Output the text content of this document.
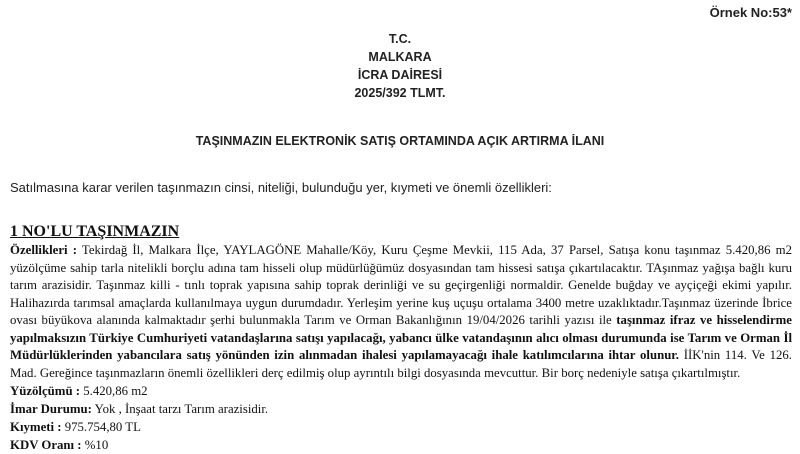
Örnek No:53*
T.C.
MALKARA
İCRA DAİRESİ
2025/392 TLMT.
TAŞINMAZIN ELEKTRONİK SATIŞ ORTAMINDA AÇIK ARTIRMA İLANI
Satılmasına karar verilen taşınmazın cinsi, niteliği, bulunduğu yer, kıymeti ve önemli özellikleri:
1 NO'LU TAŞINMAZIN

Özellikleri : Tekirdağ İl, Malkara İlçe, YAYLAGÖNE Mahalle/Köy, Kuru Çeşme Mevkii, 115 Ada, 37 Parsel, Satışa konu taşınmaz 5.420,86 m2 yüzölçüme sahip tarla nitelikli borçlu adına tam hisseli olup müdürlüğümüz dosyasından tam hissesi satışa çıkartılacaktır. TAşınmaz yağışa bağlı kuru tarım arazisidir. Taşınmaz killi - tınlı toprak yapısına sahip toprak derinliği ve su geçirgenliği normaldir. Genelde buğday ve ayçiçeği ekimi yapılır. Halihazırda tarımsal amaçlarda kullanılmaya uygun durumdadır. Yerleşim yerine kuş uçuşu ortalama 3400 metre uzaklıktadır.Taşınmaz üzerinde İbrice ovası büyükova alanında kalmaktadır şerhi bulunmakla Tarım ve Orman Bakanlığının 19/04/2026 tarihli yazısı ile taşınmaz ifraz ve hisselendirme yapılmaksızın Türkiye Cumhuriyeti vatandaşlarına satışı yapılacağı, yabancı ülke vatandaşının alıcı olması durumunda ise Tarım ve Orman İl Müdürlüklerinden yabancılara satış yönünden izin alınmadan ihalesi yapılamayacağı ihale katılımcılarına ihtar olunur. İİK'nin 114. Ve 126. Mad. Gereğince taşınmazların önemli özellikleri derç edilmiş olup ayrıntılı bilgi dosyasında mevcuttur. Bir borç nedeniyle satışa çıkartılmıştır.

Yüzölçümü : 5.420,86 m2
İmar Durumu: Yok , İnşaat tarzı Tarım arazisidir.
Kıymeti : 975.754,80 TL
KDV Oranı : %10
